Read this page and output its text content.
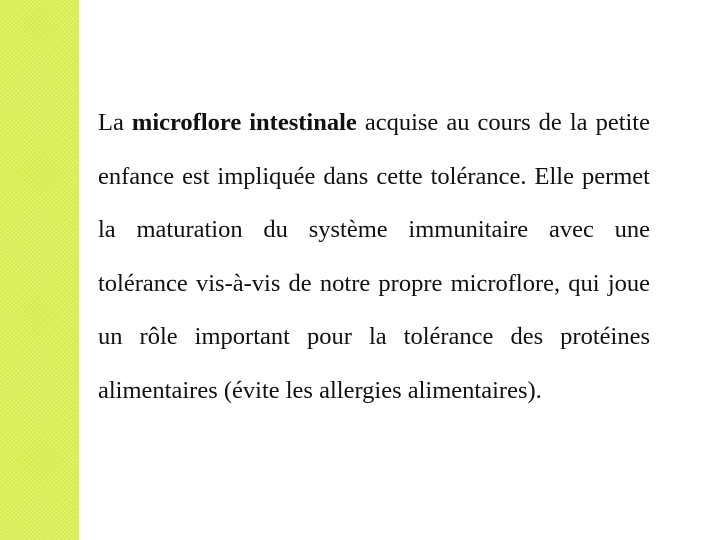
La microflore intestinale acquise au cours de la petite enfance est impliquée dans cette tolérance. Elle permet la maturation du système immunitaire avec une tolérance vis-à-vis de notre propre microflore, qui joue un rôle important pour la tolérance des protéines alimentaires (évite les allergies alimentaires).
